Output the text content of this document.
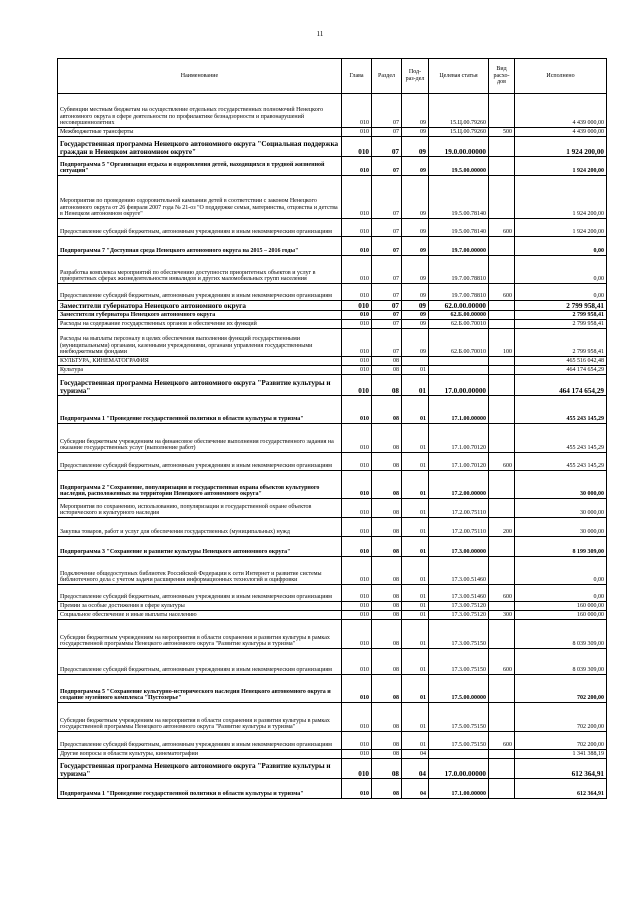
11
Наименование	Глава	Раздел	Под-раз-дел	Целевая статья	Вид расхо-дов	Исполнено
Субвенции местным бюджетам на осуществление отдельных государственных полномочий Ненецкого автономного округа в сфере деятельности по профилактике безнадзорности и правонарушений несовершеннолетних	010	07	09	15.Ц.00.79260		4 439 000,00
Межбюджетные трансферты	010	07	09	15.Ц.00.79260	500	4 439 000,00
Государственная программа Ненецкого автономного округа "Социальная поддержка граждан в Ненецком автономном округе"	010	07	09	19.0.00.00000		1 924 200,00
Подпрограмма 5 "Организация отдыха и оздоровления детей, находящихся в трудной жизненной ситуации"	010	07	09	19.5.00.00000		1 924 200,00
Мероприятия по проведению оздоровительной кампании детей в соответствии с законом Ненецкого автономного округа от 26 февраля 2007 года № 21-оз "О поддержке семьи, материнства, отцовства и детства в Ненецком автономном округе"	010	07	09	19.5.00.78140		1 924 200,00
Предоставление субсидий бюджетным, автономным учреждениям и иным некоммерческим организациям	010	07	09	19.5.00.78140	600	1 924 200,00
Подпрограмма 7 "Доступная среда Ненецкого автономного округа на 2015 – 2016 годы"	010	07	09	19.7.00.00000		0,00
Разработка комплекса мероприятий по обеспечению доступности приоритетных объектов и услуг в приоритетных сферах жизнедеятельности инвалидов и других маломобильных групп населения	010	07	09	19.7.00.78810		0,00
Предоставление субсидий бюджетным, автономным учреждениям и иным некоммерческим организациям	010	07	09	19.7.00.78810	600	0,00
Заместители губернатора Ненецкого автономного округа	010	07	09	62.0.00.00000		2 799 958,41
Заместители губернатора Ненецкого автономного округа	010	07	09	62.Б.00.00000		2 799 958,41
Расходы на содержание государственных органов и обеспечение их функций	010	07	09	62.Б.00.70010		2 799 958,41
Расходы на выплаты персоналу в целях обеспечения выполнения функций государственными (муниципальными) органами, казенными учреждениями, органами управления государственными внебюджетными фондами	010	07	09	62.Б.00.70010	100	2 799 958,41
КУЛЬТУРА, КИНЕМАТОГРАФИЯ	010	08				465 516 042,48
Культура	010	08	01			464 174 654,29
Государственная программа Ненецкого автономного округа "Развитие культуры и туризма"	010	08	01	17.0.00.00000		464 174 654,29
Подпрограмма 1 "Проведение государственной политики в области культуры и туризма"	010	08	01	17.1.00.00000		455 243 145,29
Субсидии бюджетным учреждениям на финансовое обеспечение выполнения государственного задания на оказание государственных услуг (выполнение работ)	010	08	01	17.1.00.70120		455 243 145,29
Предоставление субсидий бюджетным, автономным учреждениям и иным некоммерческим организациям	010	08	01	17.1.00.70120	600	455 243 145,29
Подпрограмма 2 "Сохранение, популяризация и государственная охрана объектов культурного наследия, расположенных на территории Ненецкого автономного округа"	010	08	01	17.2.00.00000		30 000,00
Мероприятия по сохранению, использованию, популяризации и государственной охране объектов исторического и культурного наследия	010	08	01	17.2.00.75110		30 000,00
Закупка товаров, работ и услуг для обеспечения государственных (муниципальных) нужд	010	08	01	17.2.00.75110	200	30 000,00
Подпрограмма 3 "Сохранение и развитие культуры Ненецкого автономного округа"	010	08	01	17.3.00.00000		8 199 309,00
Подключение общедоступных библиотек Российской Федерации к сети Интернет и развитие системы библиотечного дела с учетом задачи расширения информационных технологий и оцифровки	010	08	01	17.3.00.51460		0,00
Предоставление субсидий бюджетным, автономным учреждениям и иным некоммерческим организациям	010	08	01	17.3.00.51460	600	0,00
Премии за особые достижения в сфере культуры	010	08	01	17.3.00.75120		160 000,00
Социальное обеспечение и иные выплаты населению	010	08	01	17.3.00.75120	300	160 000,00
Субсидии бюджетным учреждениям на мероприятия в области сохранения и развития культуры в рамках государственной программы Ненецкого автономного округа "Развитие культуры и туризма"	010	08	01	17.3.00.75150		8 039 309,00
Предоставление субсидий бюджетным, автономным учреждениям и иным некоммерческим организациям	010	08	01	17.3.00.75150	600	8 039 309,00
Подпрограмма 5 "Сохранение культурно-исторического наследия Ненецкого автономного округа и создание музейного комплекса "Пустозерье"	010	08	01	17.5.00.00000		702 200,00
Субсидии бюджетным учреждениям на мероприятия в области сохранения и развития культуры в рамках государственной программы Ненецкого автономного округа "Развитие культуры и туризма"	010	08	01	17.5.00.75150		702 200,00
Предоставление субсидий бюджетным, автономным учреждениям и иным некоммерческим организациям	010	08	01	17.5.00.75150	600	702 200,00
Другие вопросы в области культуры, кинематографии	010	08	04			1 341 388,19
Государственная программа Ненецкого автономного округа "Развитие культуры и туризма"	010	08	04	17.0.00.00000		612 364,91
Подпрограмма 1 "Проведение государственной политики в области культуры и туризма"	010	08	04	17.1.00.00000		612 364,91
